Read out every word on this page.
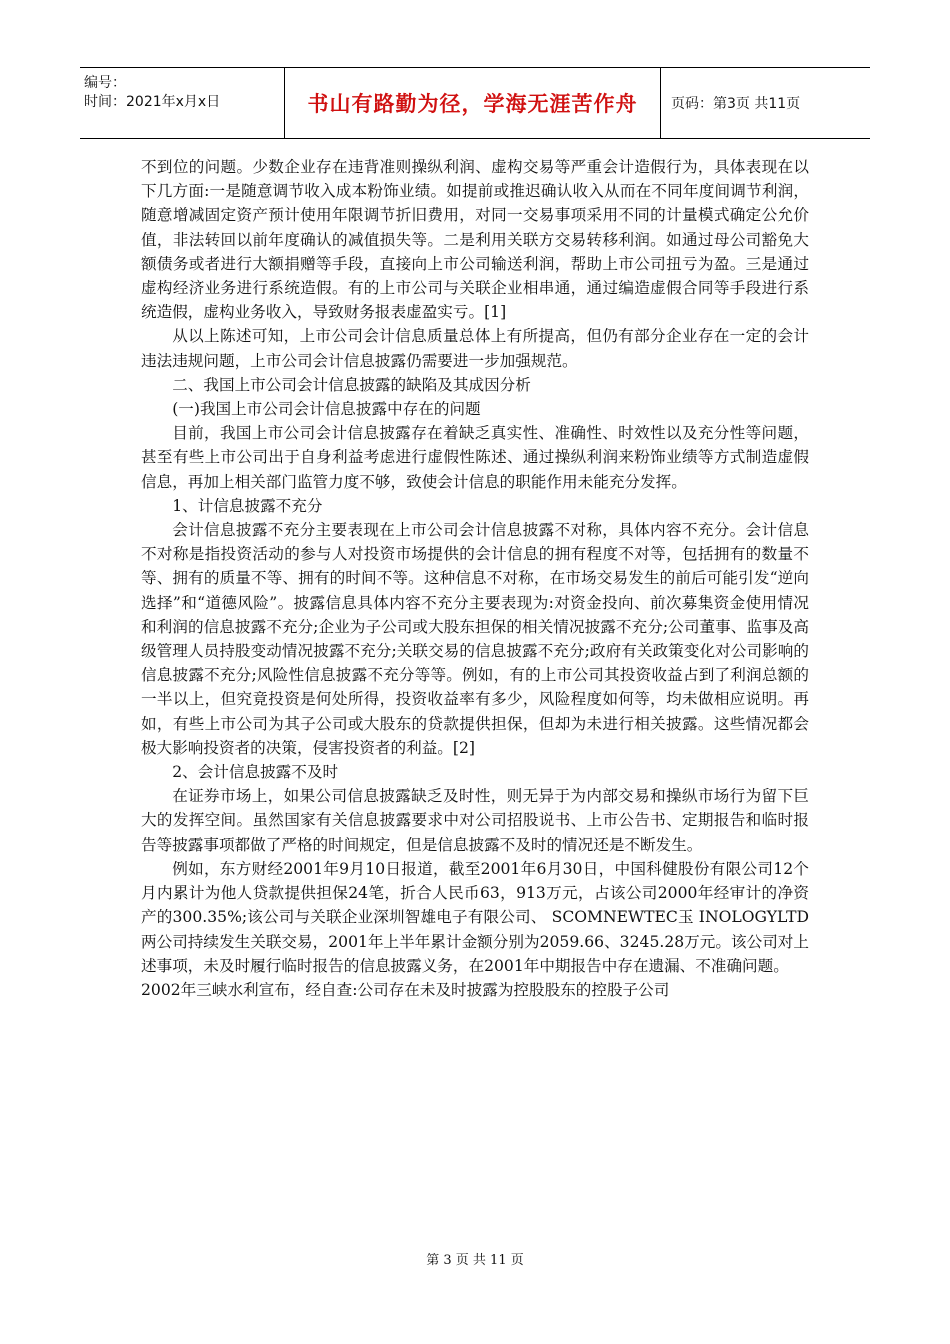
编号：
时间：2021年x月x日	书山有路勤为径，学海无涯苦作舟	页码：第3页 共11页

不到位的问题。少数企业存在违背准则操纵利润、虚构交易等严重会计造假行为，具体表现在以下几方面:一是随意调节收入成本粉饰业绩。如提前或推迟确认收入从而在不同年度间调节利润，随意增减固定资产预计使用年限调节折旧费用，对同一交易事项采用不同的计量模式确定公允价值，非法转回以前年度确认的减值损失等。二是利用关联方交易转移利润。如通过母公司豁免大额债务或者进行大额捐赠等手段，直接向上市公司输送利润，帮助上市公司扭亏为盈。三是通过虚构经济业务进行系统造假。有的上市公司与关联企业相串通，通过编造虚假合同等手段进行系统造假，虚构业务收入，导致财务报表虚盈实亏。[1]

从以上陈述可知，上市公司会计信息质量总体上有所提高，但仍有部分企业存在一定的会计违法违规问题，上市公司会计信息披露仍需要进一步加强规范。

二、我国上市公司会计信息披露的缺陷及其成因分析

(一)我国上市公司会计信息披露中存在的问题

目前，我国上市公司会计信息披露存在着缺乏真实性、准确性、时效性以及充分性等问题，甚至有些上市公司出于自身利益考虑进行虚假性陈述、通过操纵利润来粉饰业绩等方式制造虚假信息，再加上相关部门监管力度不够，致使会计信息的职能作用未能充分发挥。

1、计信息披露不充分

会计信息披露不充分主要表现在上市公司会计信息披露不对称，具体内容不充分。会计信息不对称是指投资活动的参与人对投资市场提供的会计信息的拥有程度不对等，包括拥有的数量不等、拥有的质量不等、拥有的时间不等。这种信息不对称，在市场交易发生的前后可能引发“逆向选择”和“道德风险”。披露信息具体内容不充分主要表现为:对资金投向、前次募集资金使用情况和利润的信息披露不充分;企业为子公司或大股东担保的相关情况披露不充分;公司董事、监事及高级管理人员持股变动情况披露不充分;关联交易的信息披露不充分;政府有关政策变化对公司影响的信息披露不充分;风险性信息披露不充分等等。例如，有的上市公司其投资收益占到了利润总额的一半以上，但究竟投资是何处所得，投资收益率有多少，风险程度如何等，均未做相应说明。再如，有些上市公司为其子公司或大股东的贷款提供担保，但却为未进行相关披露。这些情况都会极大影响投资者的决策，侵害投资者的利益。[2]

2、会计信息披露不及时

在证券市场上，如果公司信息披露缺乏及时性，则无异于为内部交易和操纵市场行为留下巨大的发挥空间。虽然国家有关信息披露要求中对公司招股说书、上市公告书、定期报告和临时报告等披露事项都做了严格的时间规定，但是信息披露不及时的情况还是不断发生。

例如，东方财经2001年9月10日报道，截至2001年6月30日，中国科健股份有限公司12个月内累计为他人贷款提供担保24笔，折合人民币63，913万元，占该公司2000年经审计的净资产的300.35%;该公司与关联企业深圳智雄电子有限公司、 SCOMNEWTEC玉 INOLOGYLTD两公司持续发生关联交易，2001年上半年累计金额分别为2059.66、3245.28万元。该公司对上述事项，未及时履行临时报告的信息披露义务，在2001年中期报告中存在遗漏、不准确问题。

2002年三峡水利宣布，经自查:公司存在未及时披露为控股股东的控股子公司

第 3 页 共 11 页
